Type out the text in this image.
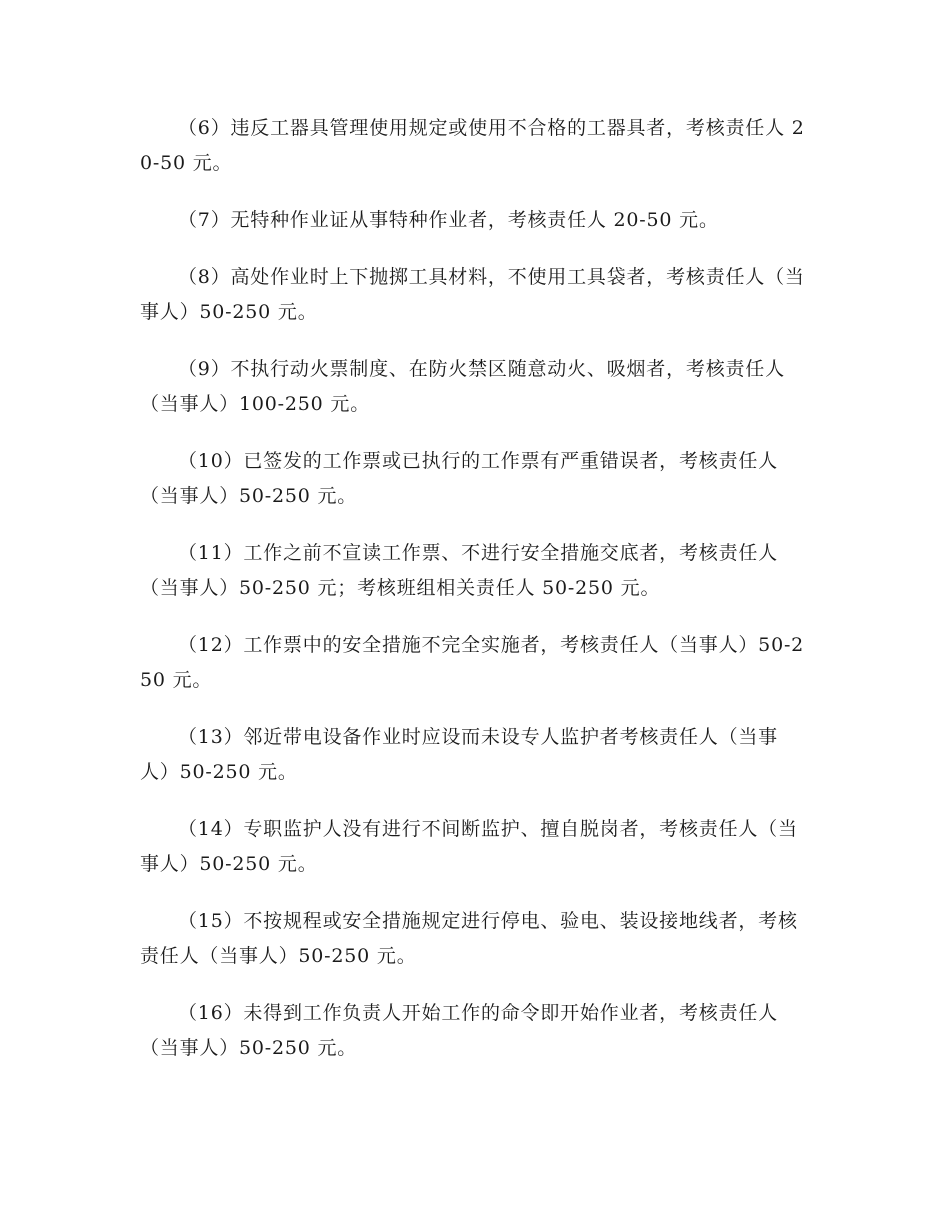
（6）违反工器具管理使用规定或使用不合格的工器具者，考核责任人 20-50 元。

（7）无特种作业证从事特种作业者，考核责任人 20-50 元。

（8）高处作业时上下抛掷工具材料，不使用工具袋者，考核责任人（当事人）50-250 元。

（9）不执行动火票制度、在防火禁区随意动火、吸烟者，考核责任人（当事人）100-250 元。

（10）已签发的工作票或已执行的工作票有严重错误者，考核责任人（当事人）50-250 元。

（11）工作之前不宣读工作票、不进行安全措施交底者，考核责任人（当事人）50-250 元；考核班组相关责任人 50-250 元。

（12）工作票中的安全措施不完全实施者，考核责任人（当事人）50-250 元。

（13）邻近带电设备作业时应设而未设专人监护者考核责任人（当事人）50-250 元。

（14）专职监护人没有进行不间断监护、擅自脱岗者，考核责任人（当事人）50-250 元。

（15）不按规程或安全措施规定进行停电、验电、装设接地线者，考核责任人（当事人）50-250 元。

（16）未得到工作负责人开始工作的命令即开始作业者，考核责任人（当事人）50-250 元。
